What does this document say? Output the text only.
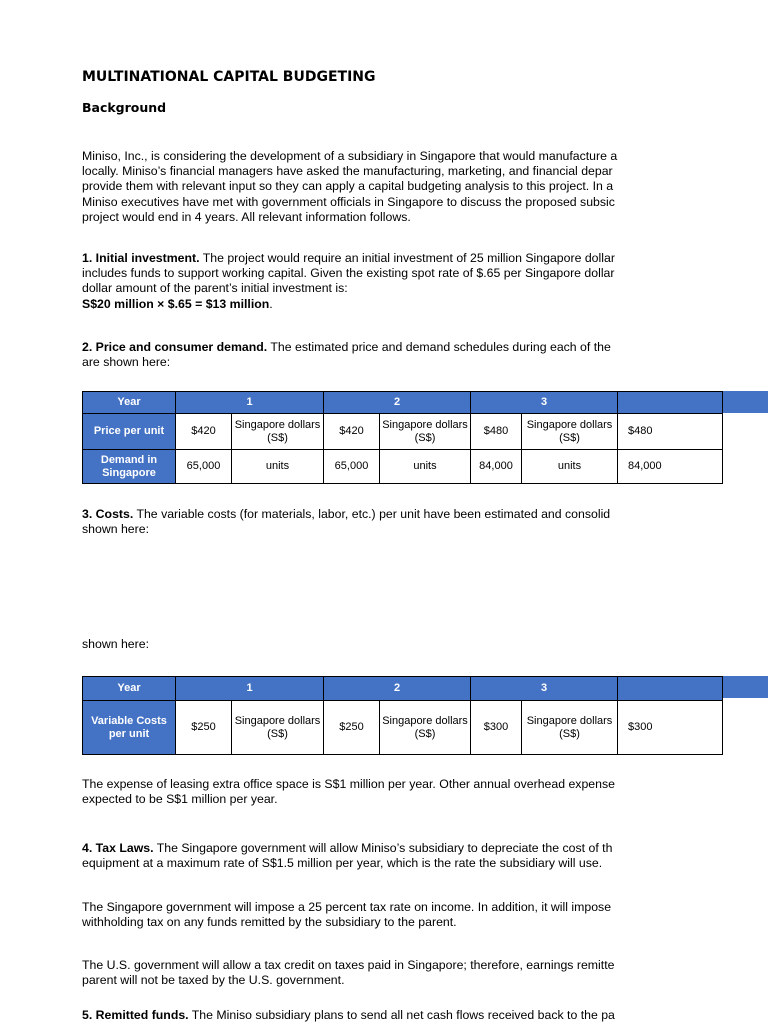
MULTINATIONAL CAPITAL BUDGETING
Background
Miniso, Inc., is considering the development of a subsidiary in Singapore that would manufacture a
locally. Miniso’s financial managers have asked the manufacturing, marketing, and financial depar
provide them with relevant input so they can apply a capital budgeting analysis to this project. In a
Miniso executives have met with government officials in Singapore to discuss the proposed subsic
project would end in 4 years. All relevant information follows.
1. Initial investment. The project would require an initial investment of 25 million Singapore dollar
includes funds to support working capital. Given the existing spot rate of $.65 per Singapore dollar
dollar amount of the parent’s initial investment is:
S$20 million × $.65 = $13 million.
2. Price and consumer demand. The estimated price and demand schedules during each of the
are shown here:
Year	1		2		3		
Price per unit	$420	Singapore dollars (S$)	$420	Singapore dollars (S$)	$480	Singapore dollars (S$)	$480
Demand in Singapore	65,000	units	65,000	units	84,000	units	84,000
3. Costs. The variable costs (for materials, labor, etc.) per unit have been estimated and consolid
shown here:
shown here:
Year	1		2		3		
Variable Costs per unit	$250	Singapore dollars (S$)	$250	Singapore dollars (S$)	$300	Singapore dollars (S$)	$300
The expense of leasing extra office space is S$1 million per year. Other annual overhead expense
expected to be S$1 million per year.
4. Tax Laws. The Singapore government will allow Miniso’s subsidiary to depreciate the cost of th
equipment at a maximum rate of S$1.5 million per year, which is the rate the subsidiary will use.
The Singapore government will impose a 25 percent tax rate on income. In addition, it will impose
withholding tax on any funds remitted by the subsidiary to the parent.
The U.S. government will allow a tax credit on taxes paid in Singapore; therefore, earnings remitte
parent will not be taxed by the U.S. government.
5. Remitted funds. The Miniso subsidiary plans to send all net cash flows received back to the pa
